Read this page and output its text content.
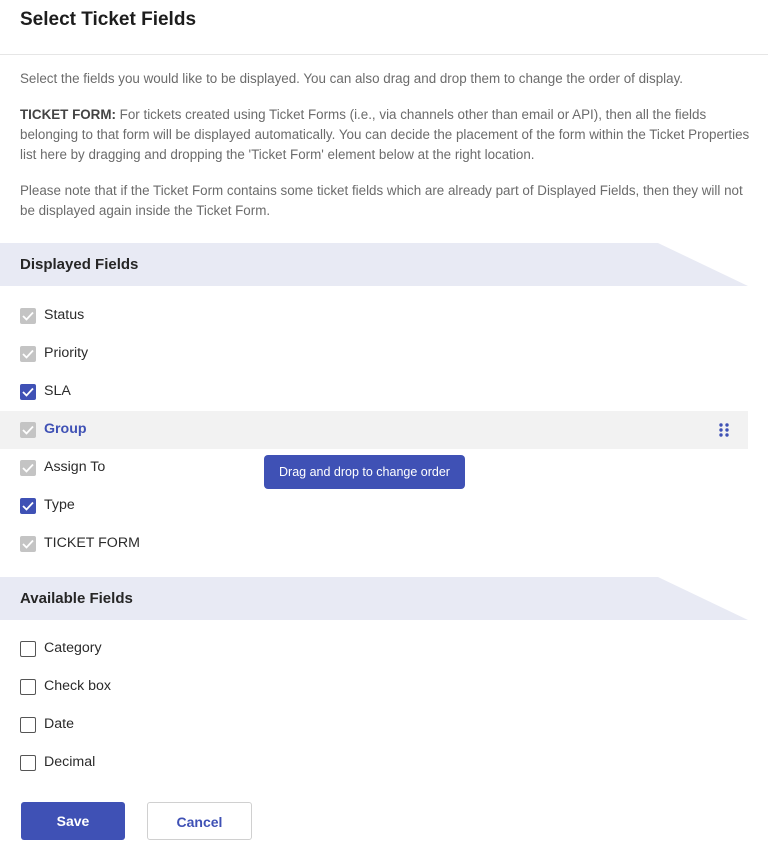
Select Ticket Fields
Select the fields you would like to be displayed. You can also drag and drop them to change the order of display.
TICKET FORM: For tickets created using Ticket Forms (i.e., via channels other than email or API), then all the fields belonging to that form will be displayed automatically. You can decide the placement of the form within the Ticket Properties list here by dragging and dropping the 'Ticket Form' element below at the right location.
Please note that if the Ticket Form contains some ticket fields which are already part of Displayed Fields, then they will not be displayed again inside the Ticket Form.
Displayed Fields
Status
Priority
SLA
Group
Assign To
Type
TICKET FORM
Available Fields
Category
Check box
Date
Decimal
Drag and drop to change order
Save	Cancel
